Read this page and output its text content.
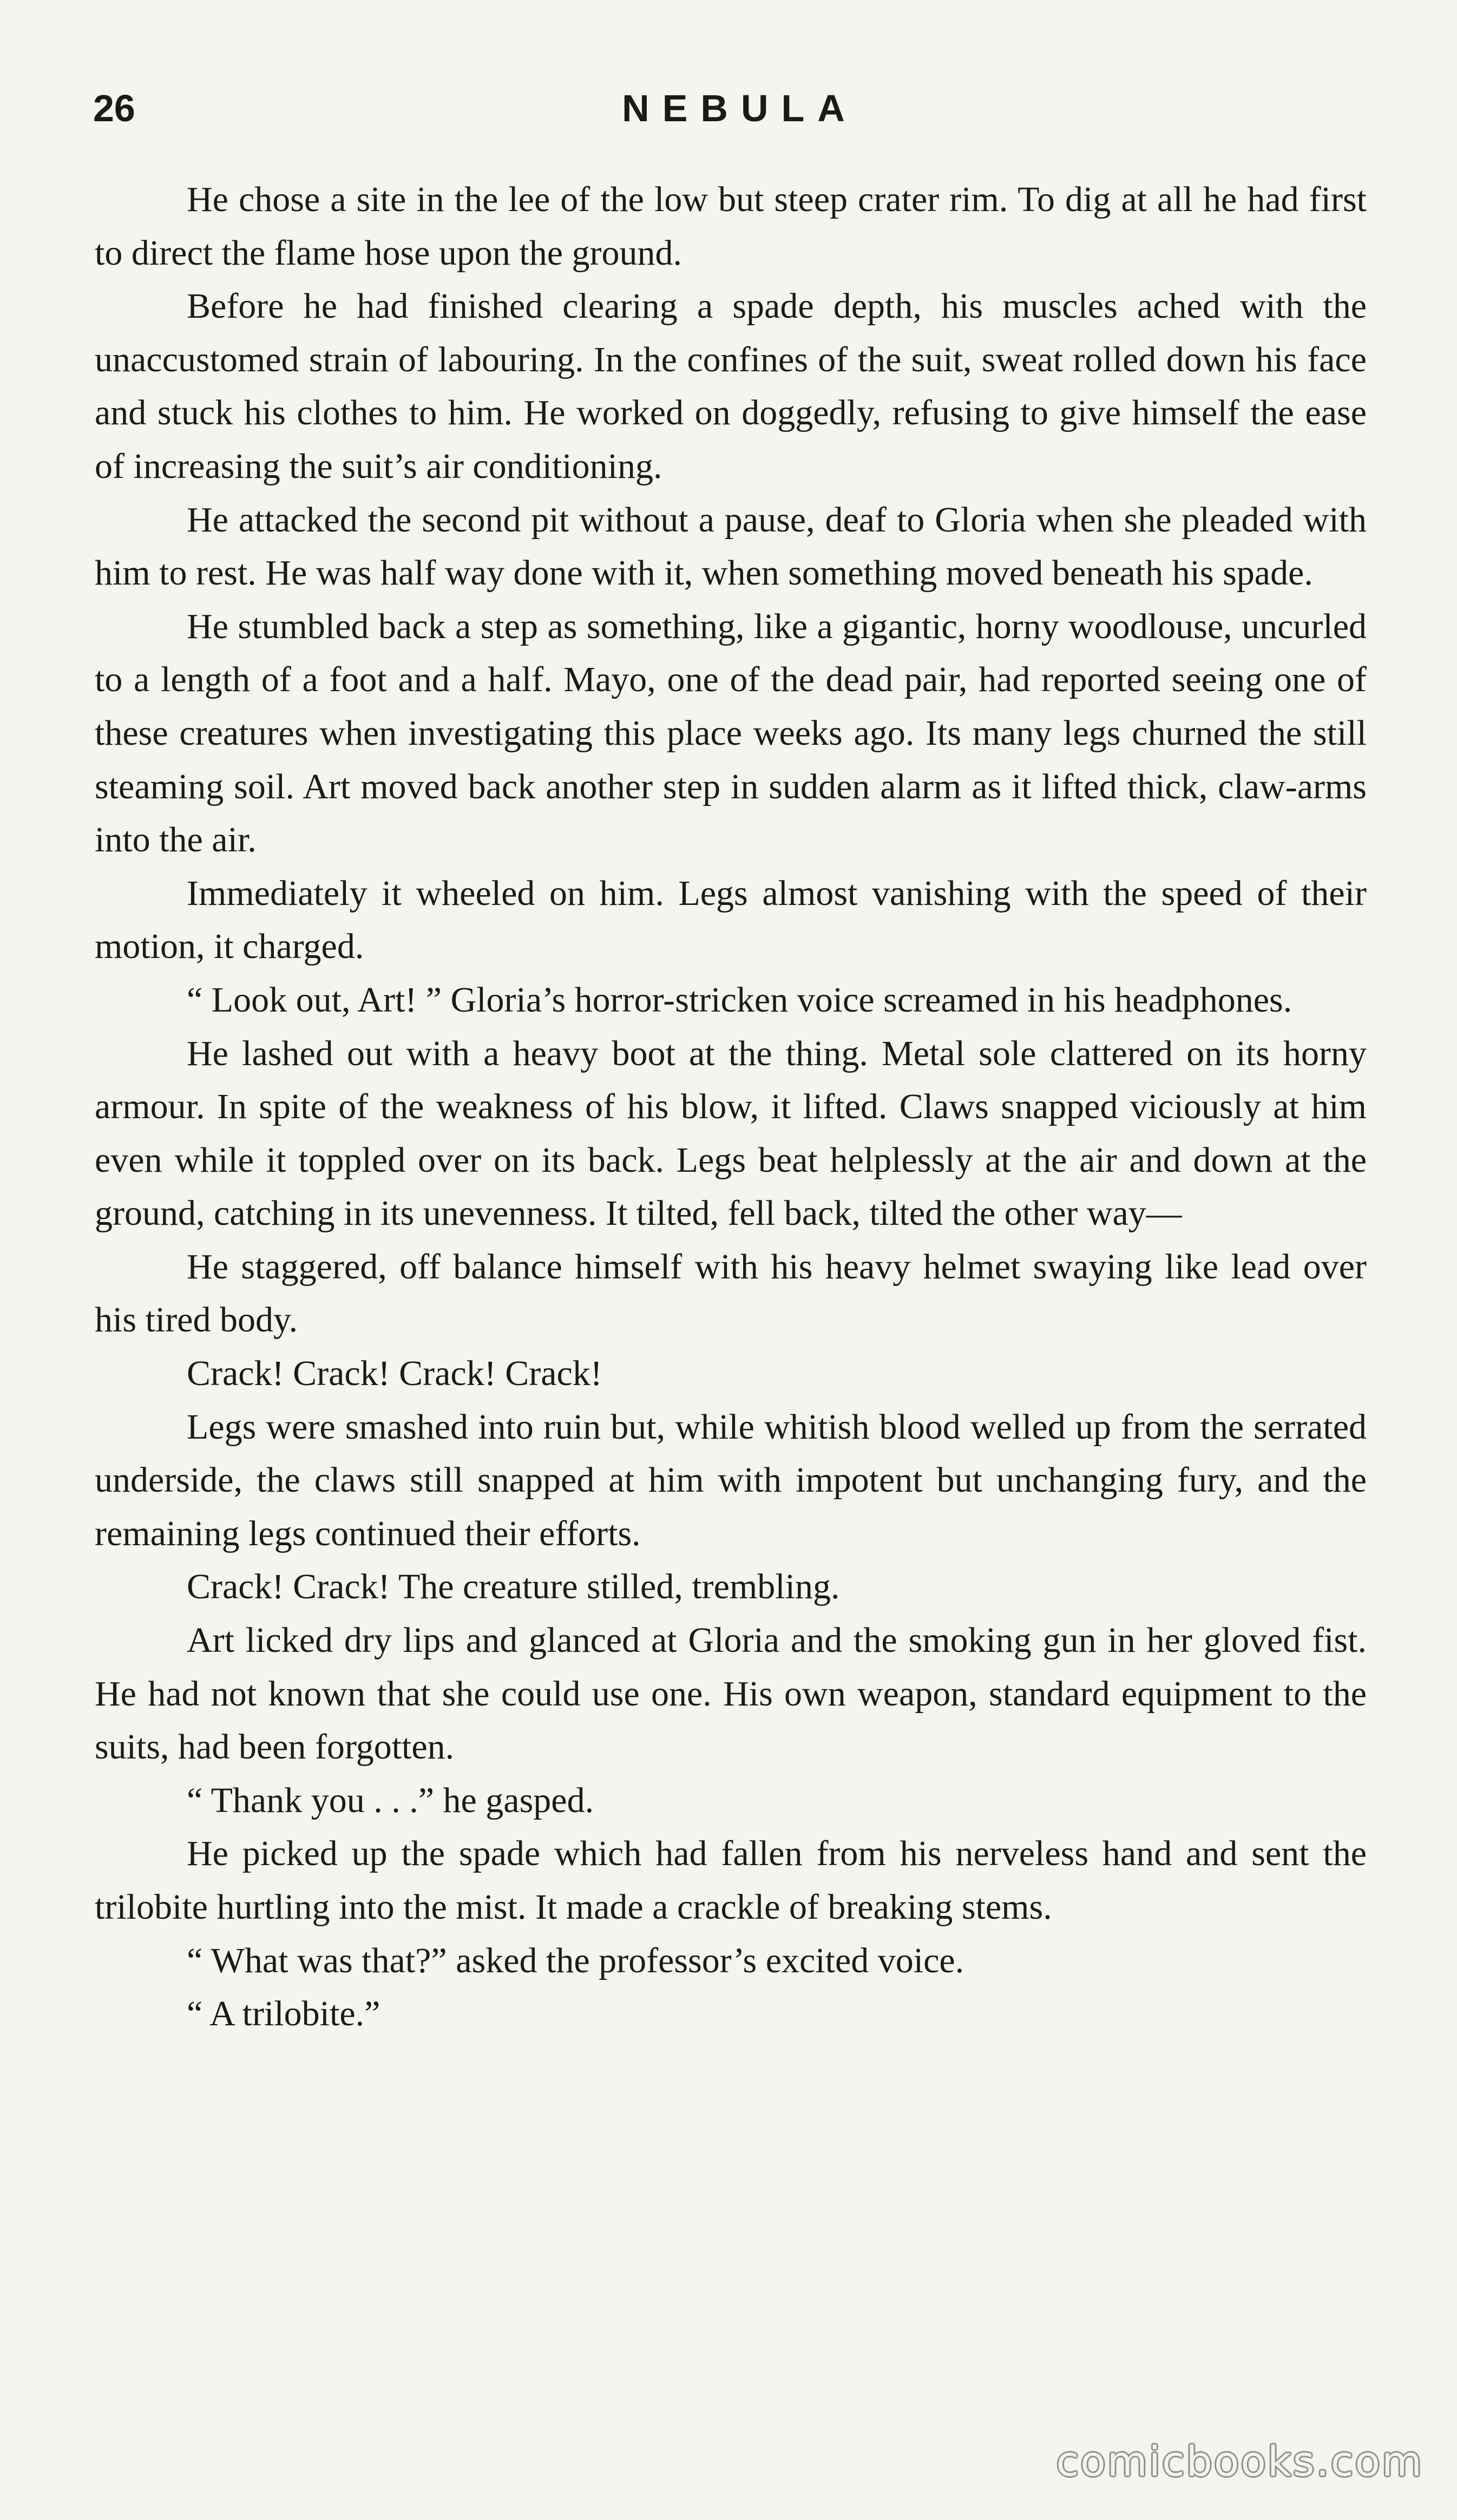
26	NEBULA

He chose a site in the lee of the low but steep crater rim. To dig at all he had first to direct the flame hose upon the ground.

Before he had finished clearing a spade depth, his muscles ached with the unaccustomed strain of labouring. In the confines of the suit, sweat rolled down his face and stuck his clothes to him. He worked on doggedly, refusing to give himself the ease of increasing the suit’s air conditioning.

He attacked the second pit without a pause, deaf to Gloria when she pleaded with him to rest. He was half way done with it, when something moved beneath his spade.

He stumbled back a step as something, like a gigantic, horny woodlouse, uncurled to a length of a foot and a half. Mayo, one of the dead pair, had reported seeing one of these creatures when investigating this place weeks ago. Its many legs churned the still steaming soil. Art moved back another step in sudden alarm as it lifted thick, claw-arms into the air.

Immediately it wheeled on him. Legs almost vanishing with the speed of their motion, it charged.

“ Look out, Art! ” Gloria’s horror-stricken voice screamed in his headphones.

He lashed out with a heavy boot at the thing. Metal sole clattered on its horny armour. In spite of the weakness of his blow, it lifted. Claws snapped viciously at him even while it toppled over on its back. Legs beat helplessly at the air and down at the ground, catching in its unevenness. It tilted, fell back, tilted the other way—

He staggered, off balance himself with his heavy helmet swaying like lead over his tired body.

Crack! Crack! Crack! Crack!

Legs were smashed into ruin but, while whitish blood welled up from the serrated underside, the claws still snapped at him with impotent but unchanging fury, and the remaining legs continued their efforts.

Crack! Crack! The creature stilled, trembling.

Art licked dry lips and glanced at Gloria and the smoking gun in her gloved fist. He had not known that she could use one. His own weapon, standard equipment to the suits, had been forgotten.

“ Thank you . . .” he gasped.

He picked up the spade which had fallen from his nerveless hand and sent the trilobite hurtling into the mist. It made a crackle of breaking stems.

“ What was that?” asked the professor’s excited voice.

“ A trilobite.”

comicbooks.com
